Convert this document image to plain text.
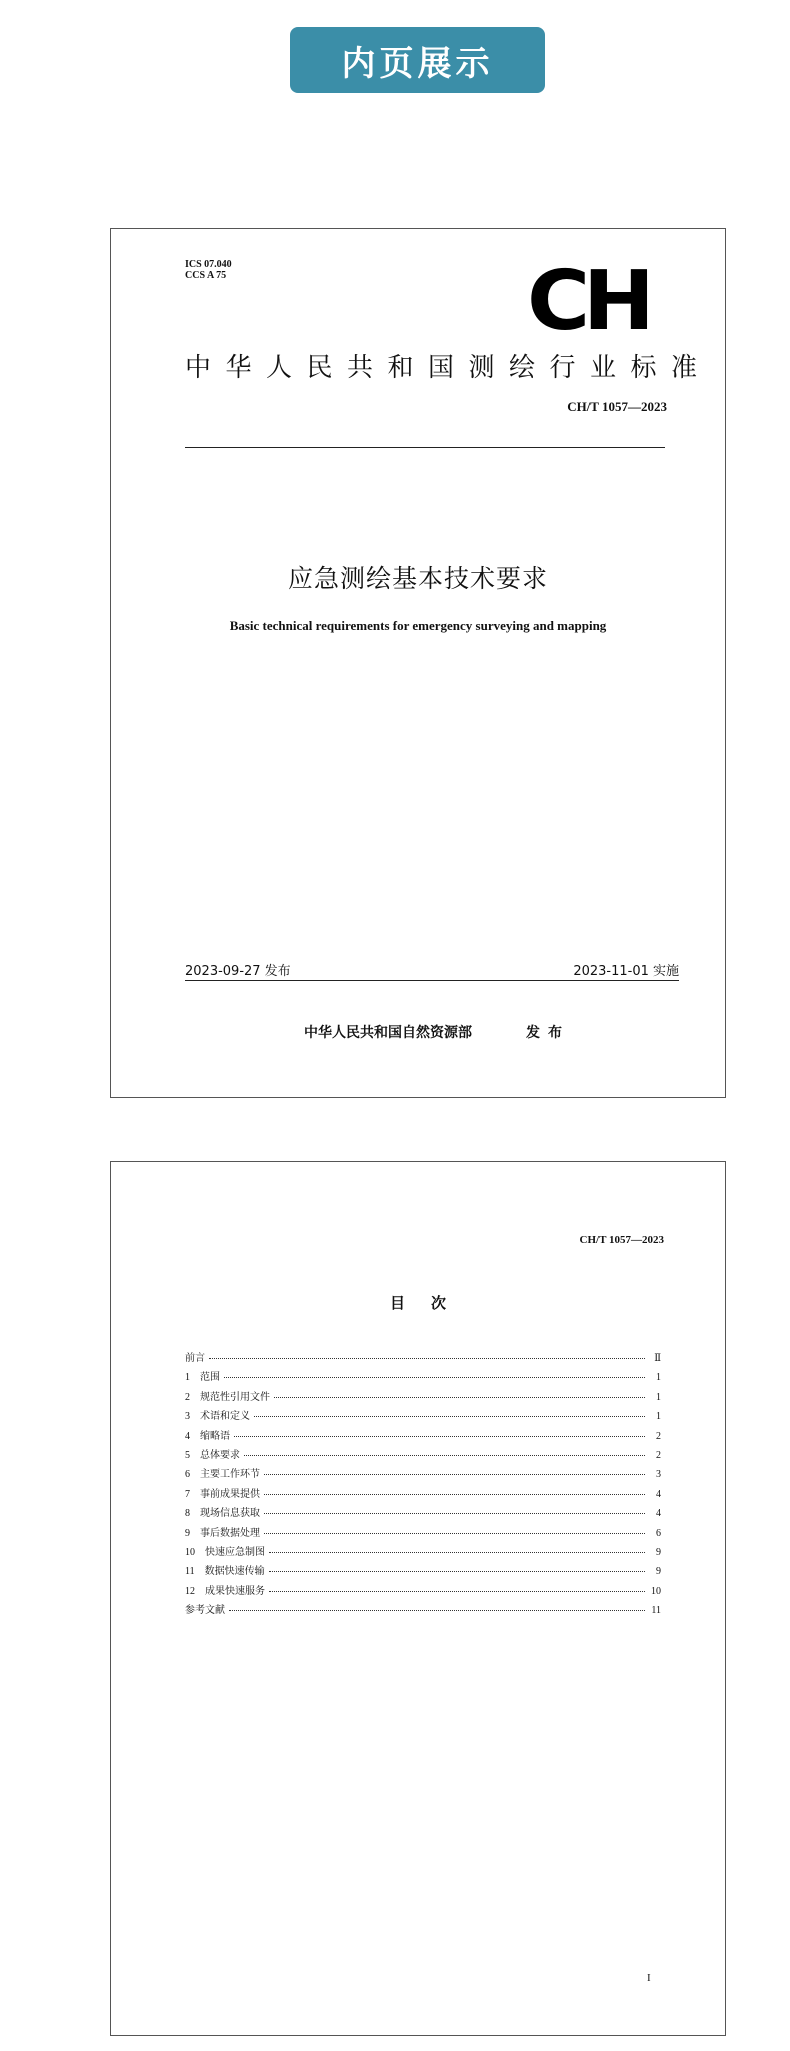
内页展示
ICS 07.040
CCS A 75	CH
中华人民共和国测绘行业标准
CH/T 1057—2023
应急测绘基本技术要求
Basic technical requirements for emergency surveying and mapping
2023-09-27 发布	2023-11-01 实施
中华人民共和国自然资源部	发布
CH/T 1057—2023
目次
前言	Ⅱ
1　范围	1
2　规范性引用文件	1
3　术语和定义	1
4　缩略语	2
5　总体要求	2
6　主要工作环节	3
7　事前成果提供	4
8　现场信息获取	4
9　事后数据处理	6
10　快速应急制图	9
11　数据快速传输	9
12　成果快速服务	10
参考文献	11
I
